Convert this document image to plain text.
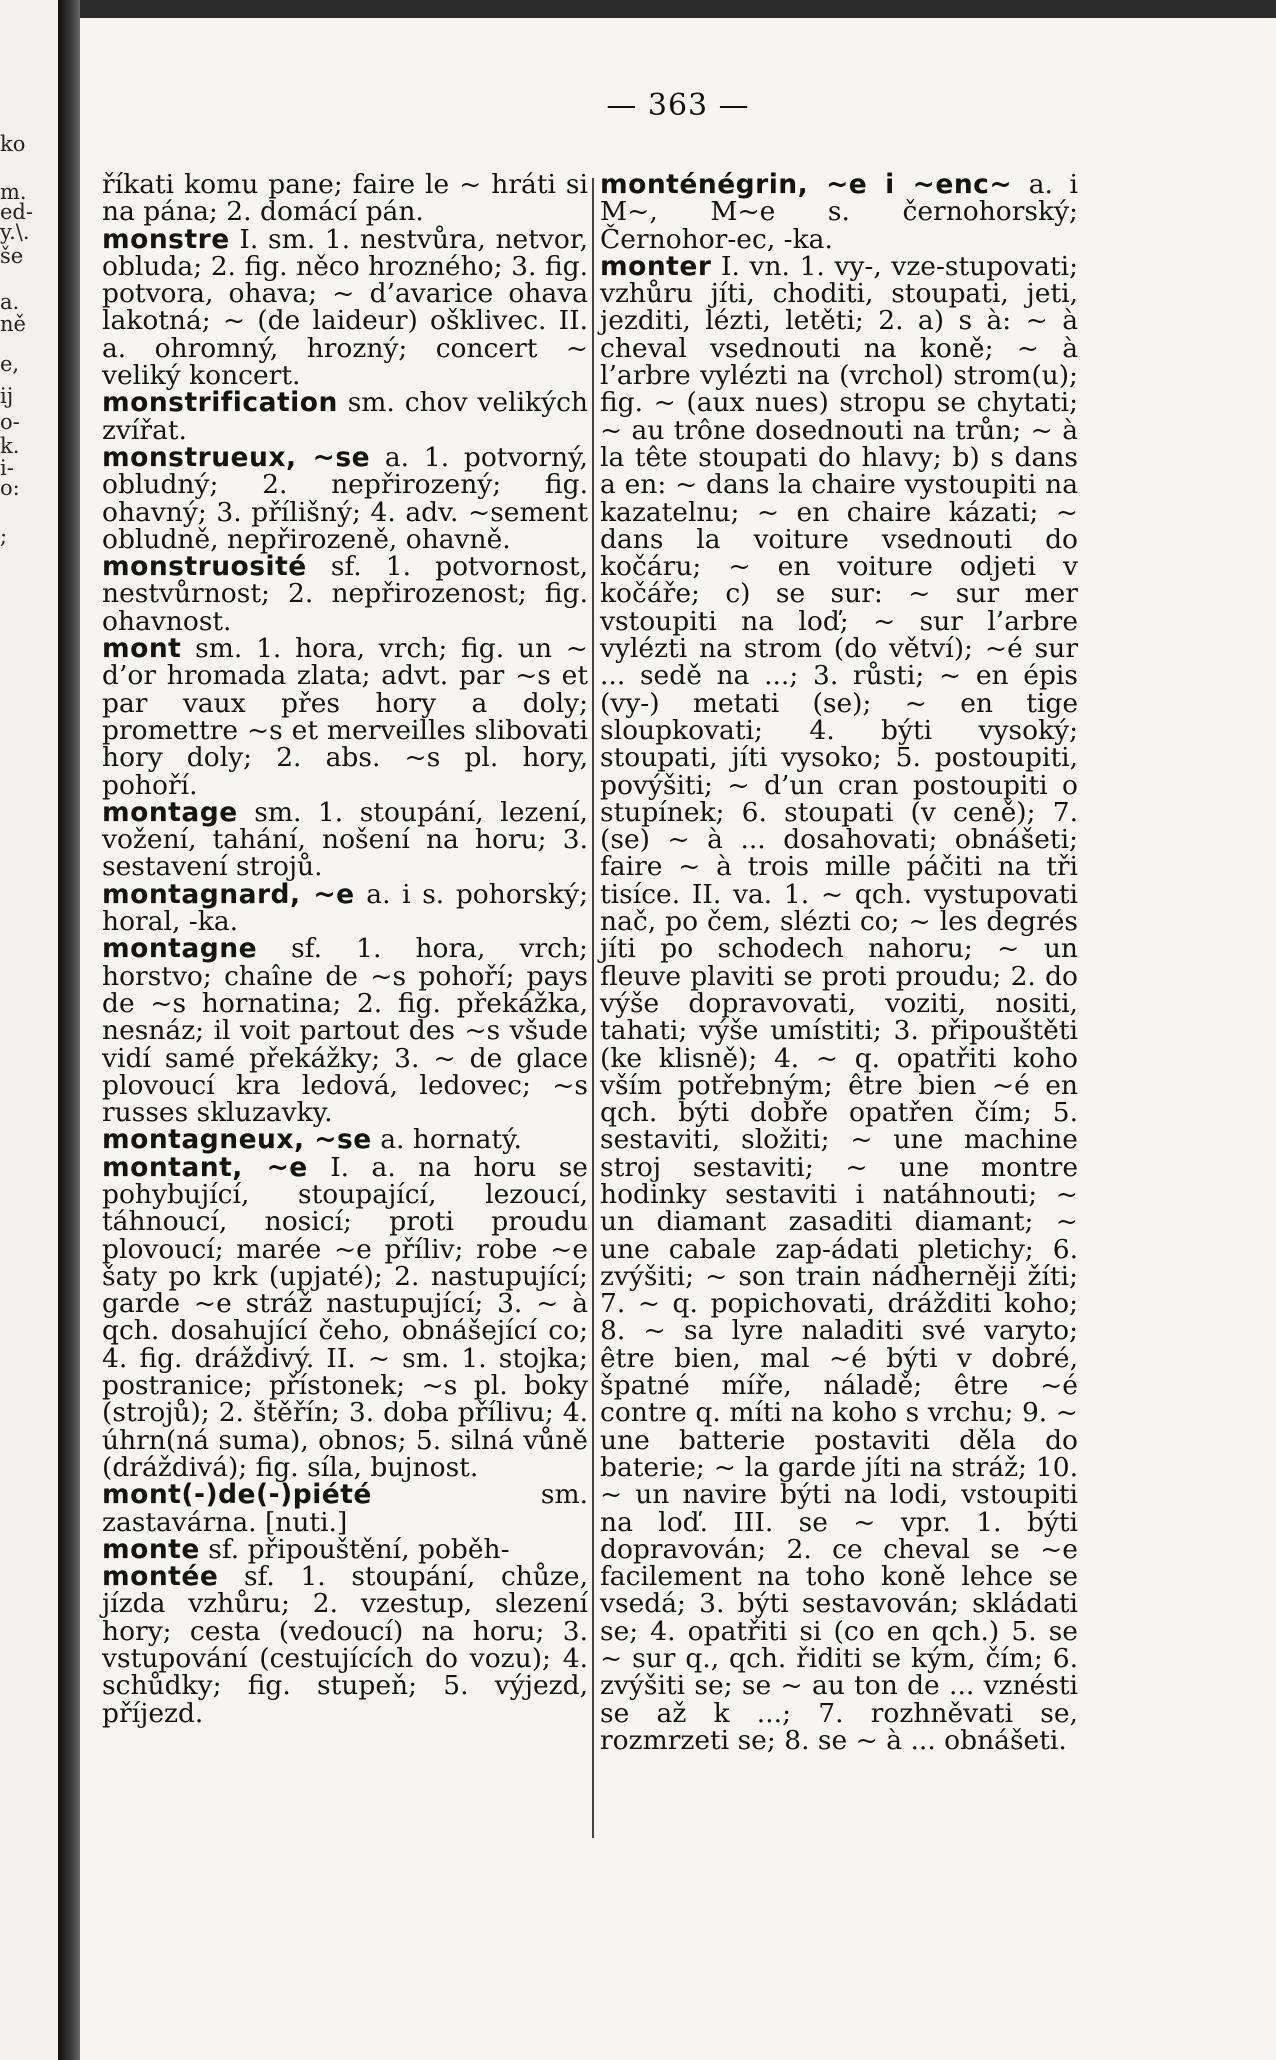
ko
m.
ed-
y.\.
še
a.
ně
e,
ij
o-
k.
i-
o:
;
— 363 —

říkati komu pane; faire le ~ hráti si na pána; 2. domácí pán.

monstre I. sm. 1. nestvůra, netvor, obluda; 2. fig. něco hrozného; 3. fig. potvora, ohava; ~ d’avarice ohava lakotná; ~ (de laideur) ošklivec. II. a. ohromný, hrozný; concert ~ veliký koncert.

monstrification sm. chov velikých zvířat.

monstrueux, ~se a. 1. potvorný, obludný; 2. nepřirozený; fig. ohavný; 3. přílišný; 4. adv. ~sement obludně, nepřirozeně, ohavně.

monstruosité sf. 1. potvornost, nestvůrnost; 2. nepřirozenost; fig. ohavnost.

mont sm. 1. hora, vrch; fig. un ~ d’or hromada zlata; advt. par ~s et par vaux přes hory a doly; promettre ~s et merveilles slibovati hory doly; 2. abs. ~s pl. hory, pohoří.

montage sm. 1. stoupání, lezení, vožení, tahání, nošení na horu; 3. sestavení strojů.

montagnard, ~e a. i s. pohorský; horal, -ka.

montagne sf. 1. hora, vrch; horstvo; chaîne de ~s pohoří; pays de ~s hornatina; 2. fig. překážka, nesnáz; il voit partout des ~s všude vidí samé překážky; 3. ~ de glace plovoucí kra ledová, ledovec; ~s russes skluzavky.

montagneux, ~se a. hornatý.

montant, ~e I. a. na horu se pohybující, stoupající, lezoucí, táhnoucí, nosicí; proti proudu plovoucí; marée ~e příliv; robe ~e šaty po krk (upjaté); 2. nastupující; garde ~e stráž nastupující; 3. ~ à qch. dosahující čeho, obnášející co; 4. fig. dráždivý. II. ~ sm. 1. stojka; postranice; přístonek; ~s pl. boky (strojů); 2. štěřín; 3. doba přílivu; 4. úhrn(ná suma), obnos; 5. silná vůně (dráždivá); fig. síla, bujnost.

mont(-)de(-)piété	sm. zastavárna. [nuti.]

monte sf. připouštění, poběh-

montée sf. 1. stoupání, chůze, jízda vzhůru; 2. vzestup, slezení hory; cesta (vedoucí) na horu; 3. vstupování (cestujících do vozu); 4. schůdky; fig. stupeň; 5. výjezd, příjezd.

monténégrin, ~e i ~enc~ a. i M~, M~e s. černohorský; Černohor-ec, -ka.

monter I. vn. 1. vy-, vze-stupovati; vzhůru jíti, choditi, stoupati, jeti, jezditi, lézti, letěti; 2. a) s à: ~ à cheval vsednouti na koně; ~ à l’arbre vylézti na (vrchol) strom(u); fig. ~ (aux nues) stropu se chytati; ~ au trône dosednouti na trůn; ~ à la tête stoupati do hlavy; b) s dans a en: ~ dans la chaire vystoupiti na kazatelnu; ~ en chaire kázati; ~ dans la voiture vsednouti do kočáru; ~ en voiture odjeti v kočáře; c) se sur: ~ sur mer vstoupiti na loď; ~ sur l’arbre vylézti na strom (do větví); ~é sur ... sedě na ...; 3. růsti; ~ en épis (vy-) metati (se); ~ en tige sloupkovati; 4. býti vysoký; stoupati, jíti vysoko; 5. postoupiti, povýšiti; ~ d’un cran postoupiti o stupínek; 6. stoupati (v ceně); 7. (se) ~ à ... dosahovati; obnášeti; faire ~ à trois mille páčiti na tři tisíce. II. va. 1. ~ qch. vystupovati nač, po čem, slézti co; ~ les degrés jíti po schodech nahoru; ~ un fleuve plaviti se proti proudu; 2. do výše dopravovati, voziti, nositi, tahati; výše umístiti; 3. připouštěti (ke klisně); 4. ~ q. opatřiti koho vším potřebným; être bien ~é en qch. býti dobře opatřen čím; 5. sestaviti, složiti; ~ une machine stroj sestaviti; ~ une montre hodinky sestaviti i natáhnouti; ~ un diamant zasaditi diamant; ~ une cabale zap-ádati pletichy; 6. zvýšiti; ~ son train nádherněji žíti; 7. ~ q. popichovati, drážditi koho; 8. ~ sa lyre naladiti své varyto; être bien, mal ~é býti v dobré, špatné míře, náladě; être ~é contre q. míti na koho s vrchu; 9. ~ une batterie postaviti děla do baterie; ~ la garde jíti na stráž; 10. ~ un navire býti na lodi, vstoupiti na loď. III. se ~ vpr. 1. býti dopravován; 2. ce cheval se ~e facilement na toho koně lehce se vsedá; 3. býti sestavován; skládati se; 4. opatřiti si (co en qch.) 5. se ~ sur q., qch. řiditi se kým, čím; 6. zvýšiti se; se ~ au ton de ... vznésti se až k ...; 7. rozhněvati se, rozmrzeti se; 8. se ~ à ... obnášeti.
